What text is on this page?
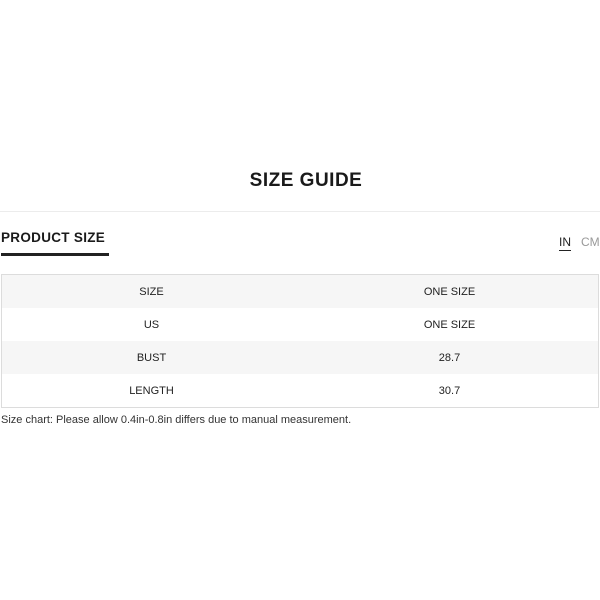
SIZE GUIDE
PRODUCT SIZE	IN CM
SIZE	ONE SIZE
US	ONE SIZE
BUST	28.7
LENGTH	30.7
Size chart: Please allow 0.4in-0.8in differs due to manual measurement.
